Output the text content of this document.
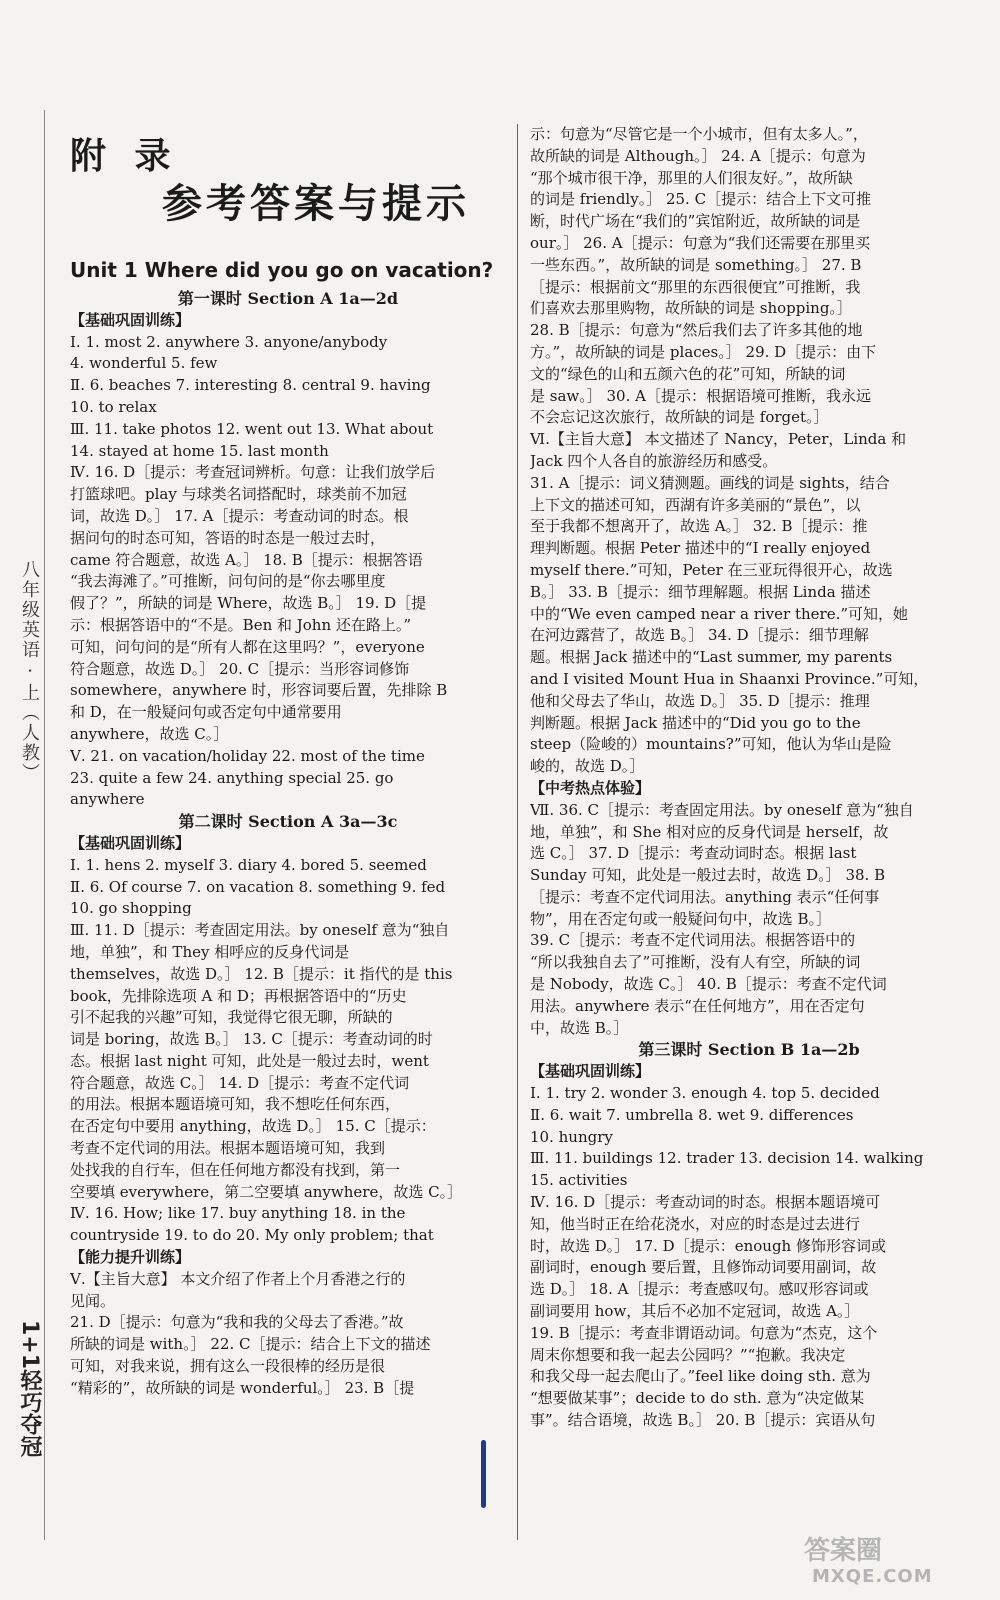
八年级英语 · 上（人教）
1+1轻巧夺冠
附 录
参考答案与提示
Unit 1 Where did you go on vacation?
第一课时 Section A 1a—2d
【基础巩固训练】
Ⅰ. 1. most 2. anywhere 3. anyone/anybody
4. wonderful 5. few
Ⅱ. 6. beaches 7. interesting 8. central 9. having
10. to relax
Ⅲ. 11. take photos 12. went out 13. What about
14. stayed at home 15. last month
Ⅳ. 16. D［提示：考查冠词辨析。句意：让我们放学后
打篮球吧。play 与球类名词搭配时，球类前不加冠
词，故选 D。］ 17. A［提示：考查动词的时态。根
据问句的时态可知，答语的时态是一般过去时，
came 符合题意，故选 A。］ 18. B［提示：根据答语
“我去海滩了。”可推断，问句问的是“你去哪里度
假了？”，所缺的词是 Where，故选 B。］ 19. D［提
示：根据答语中的“不是。Ben 和 John 还在路上。”
可知，问句问的是“所有人都在这里吗？”，everyone
符合题意，故选 D。］ 20. C［提示：当形容词修饰
somewhere，anywhere 时，形容词要后置，先排除 B
和 D，在一般疑问句或否定句中通常要用
anywhere，故选 C。］
Ⅴ. 21. on vacation/holiday 22. most of the time
23. quite a few 24. anything special 25. go
anywhere
第二课时 Section A 3a—3c
【基础巩固训练】
Ⅰ. 1. hens 2. myself 3. diary 4. bored 5. seemed
Ⅱ. 6. Of course 7. on vacation 8. something 9. fed
10. go shopping
Ⅲ. 11. D［提示：考查固定用法。by oneself 意为“独自
地，单独”，和 They 相呼应的反身代词是
themselves，故选 D。］ 12. B［提示：it 指代的是 this
book，先排除选项 A 和 D；再根据答语中的“历史
引不起我的兴趣”可知，我觉得它很无聊，所缺的
词是 boring，故选 B。］ 13. C［提示：考查动词的时
态。根据 last night 可知，此处是一般过去时，went
符合题意，故选 C。］ 14. D［提示：考查不定代词
的用法。根据本题语境可知，我不想吃任何东西，
在否定句中要用 anything，故选 D。］ 15. C［提示：
考查不定代词的用法。根据本题语境可知，我到
处找我的自行车，但在任何地方都没有找到，第一
空要填 everywhere，第二空要填 anywhere，故选 C。］
Ⅳ. 16. How; like 17. buy anything 18. in the
countryside 19. to do 20. My only problem; that
【能力提升训练】
Ⅴ.【主旨大意】 本文介绍了作者上个月香港之行的
见闻。
21. D［提示：句意为“我和我的父母去了香港。”故
所缺的词是 with。］ 22. C［提示：结合上下文的描述
可知，对我来说，拥有这么一段很棒的经历是很
“精彩的”，故所缺的词是 wonderful。］ 23. B［提
示：句意为“尽管它是一个小城市，但有太多人。”，
故所缺的词是 Although。］ 24. A［提示：句意为
“那个城市很干净，那里的人们很友好。”，故所缺
的词是 friendly。］ 25. C［提示：结合上下文可推
断，时代广场在“我们的”宾馆附近，故所缺的词是
our。］ 26. A［提示：句意为“我们还需要在那里买
一些东西。”，故所缺的词是 something。］ 27. B
［提示：根据前文“那里的东西很便宜”可推断，我
们喜欢去那里购物，故所缺的词是 shopping。］
28. B［提示：句意为“然后我们去了许多其他的地
方。”，故所缺的词是 places。］ 29. D［提示：由下
文的“绿色的山和五颜六色的花”可知，所缺的词
是 saw。］ 30. A［提示：根据语境可推断，我永远
不会忘记这次旅行，故所缺的词是 forget。］
Ⅵ.【主旨大意】 本文描述了 Nancy，Peter，Linda 和
Jack 四个人各自的旅游经历和感受。
31. A［提示：词义猜测题。画线的词是 sights，结合
上下文的描述可知，西湖有许多美丽的“景色”，以
至于我都不想离开了，故选 A。］ 32. B［提示：推
理判断题。根据 Peter 描述中的“I really enjoyed
myself there.”可知，Peter 在三亚玩得很开心，故选
B。］ 33. B［提示：细节理解题。根据 Linda 描述
中的“We even camped near a river there.”可知，她
在河边露营了，故选 B。］ 34. D［提示：细节理解
题。根据 Jack 描述中的“Last summer, my parents
and I visited Mount Hua in Shaanxi Province.”可知，
他和父母去了华山，故选 D。］ 35. D［提示：推理
判断题。根据 Jack 描述中的“Did you go to the
steep（险峻的）mountains?”可知，他认为华山是险
峻的，故选 D。］
【中考热点体验】
Ⅶ. 36. C［提示：考查固定用法。by oneself 意为“独自
地，单独”，和 She 相对应的反身代词是 herself，故
选 C。］ 37. D［提示：考查动词时态。根据 last
Sunday 可知，此处是一般过去时，故选 D。］ 38. B
［提示：考查不定代词用法。anything 表示“任何事
物”，用在否定句或一般疑问句中，故选 B。］
39. C［提示：考查不定代词用法。根据答语中的
“所以我独自去了”可推断，没有人有空，所缺的词
是 Nobody，故选 C。］ 40. B［提示：考查不定代词
用法。anywhere 表示“在任何地方”，用在否定句
中，故选 B。］
第三课时 Section B 1a—2b
【基础巩固训练】
Ⅰ. 1. try 2. wonder 3. enough 4. top 5. decided
Ⅱ. 6. wait 7. umbrella 8. wet 9. differences
10. hungry
Ⅲ. 11. buildings 12. trader 13. decision 14. walking
15. activities
Ⅳ. 16. D［提示：考查动词的时态。根据本题语境可
知，他当时正在给花浇水，对应的时态是过去进行
时，故选 D。］ 17. D［提示：enough 修饰形容词或
副词时，enough 要后置，且修饰动词要用副词，故
选 D。］ 18. A［提示：考查感叹句。感叹形容词或
副词要用 how，其后不必加不定冠词，故选 A。］
19. B［提示：考查非谓语动词。句意为“杰克，这个
周末你想要和我一起去公园吗？”“抱歉。我决定
和我父母一起去爬山了。”feel like doing sth. 意为
“想要做某事”；decide to do sth. 意为“决定做某
事”。结合语境，故选 B。］ 20. B［提示：宾语从句
答案圈
MXQE.COM
